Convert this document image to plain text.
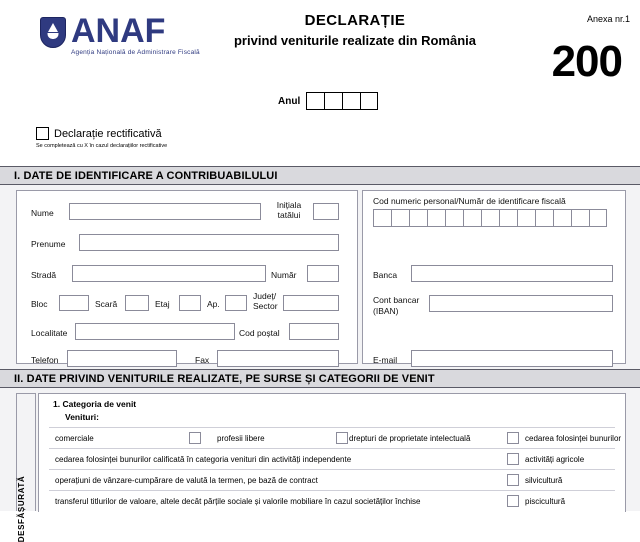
ANAF
Agenția Națională de Administrare Fiscală
DECLARAȚIE
privind veniturile realizate din România
Anexa nr.1
200
Anul
Declarație rectificativă
Se completează cu X în cazul declarațiilor rectificative
I. DATE DE IDENTIFICARE A CONTRIBUABILULUI
Nume
Inițiala
tatălui
Prenume
Stradă	Număr
Bloc	Scară	Etaj	Ap.
Județ/
Sector
Localitate	Cod poștal
Telefon	Fax
Cod numeric personal/Număr de identificare fiscală
Banca
Cont bancar
(IBAN)
E-mail
II. DATE PRIVIND VENITURILE REALIZATE, PE SURSE ȘI CATEGORII DE VENIT
DESFĂȘURATĂ
1. Categoria de venit
Venituri:
comerciale	profesii libere	drepturi de proprietate intelectuală	cedarea folosinței bunurilor
cedarea folosinței bunurilor calificată în categoria venituri din activități independente	activități agricole
operațiuni de vânzare-cumpărare de valută la termen, pe bază de contract	silvicultură
transferul titlurilor de valoare, altele decât părțile sociale și valorile mobiliare în cazul societăților închise	piscicultură
